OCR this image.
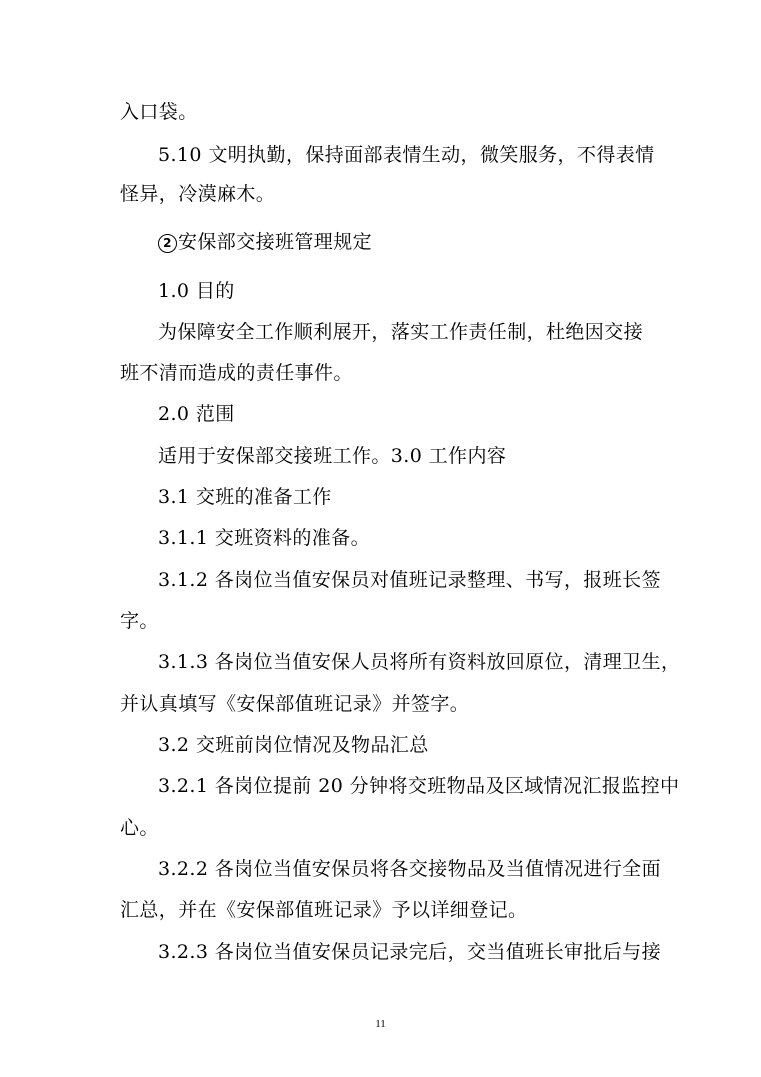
入口袋。
5.10 文明执勤，保持面部表情生动，微笑服务，不得表情
怪异，冷漠麻木。
2 安保部交接班管理规定
1.0 目的
为保障安全工作顺利展开，落实工作责任制，杜绝因交接
班不清而造成的责任事件。
2.0 范围
适用于安保部交接班工作。3.0 工作内容
3.1 交班的准备工作
3.1.1 交班资料的准备。
3.1.2 各岗位当值安保员对值班记录整理、书写，报班长签
字。
3.1.3 各岗位当值安保人员将所有资料放回原位，清理卫生，
并认真填写《安保部值班记录》并签字。
3.2 交班前岗位情况及物品汇总
3.2.1 各岗位提前 20 分钟将交班物品及区域情况汇报监控中
心。
3.2.2 各岗位当值安保员将各交接物品及当值情况进行全面
汇总，并在《安保部值班记录》予以详细登记。
3.2.3 各岗位当值安保员记录完后，交当值班长审批后与接
11
